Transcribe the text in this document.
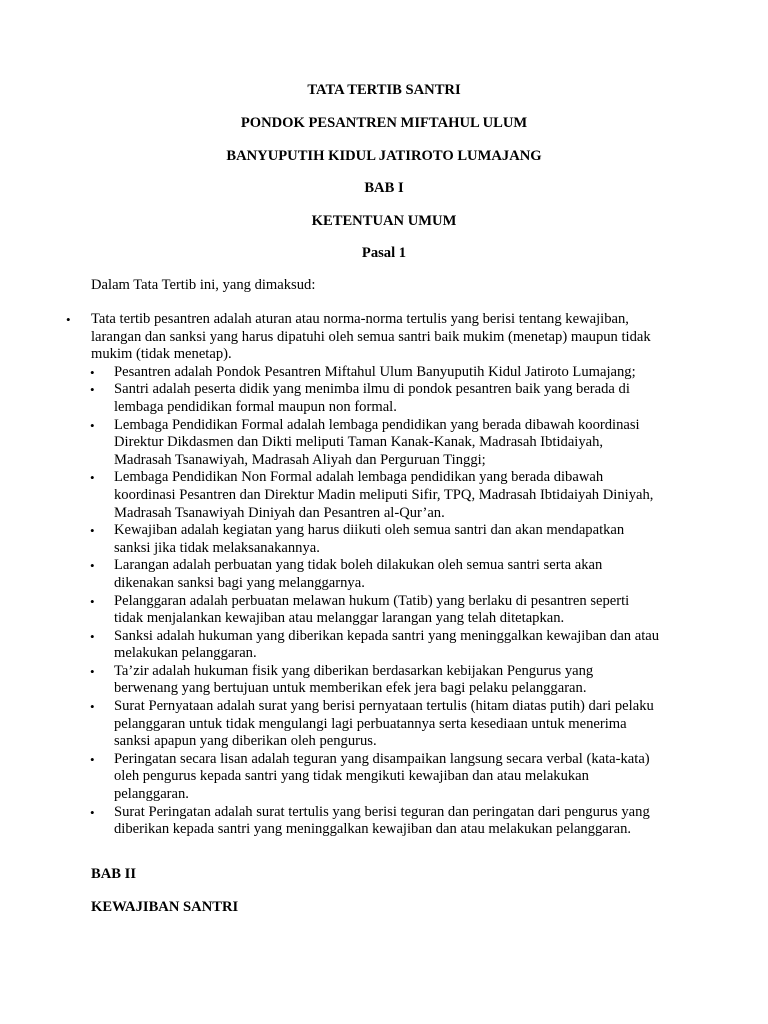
TATA TERTIB SANTRI
PONDOK PESANTREN MIFTAHUL ULUM
BANYUPUTIH KIDUL JATIROTO LUMAJANG
BAB I
KETENTUAN UMUM
Pasal 1
Dalam Tata Tertib ini, yang dimaksud:
• Tata tertib pesantren adalah aturan atau norma-norma tertulis yang berisi tentang kewajiban,
larangan dan sanksi yang harus dipatuhi oleh semua santri baik mukim (menetap) maupun tidak
mukim (tidak menetap).
• Pesantren adalah Pondok Pesantren Miftahul Ulum Banyuputih Kidul Jatiroto Lumajang;
• Santri adalah peserta didik yang menimba ilmu di pondok pesantren baik yang berada di
lembaga pendidikan formal maupun non formal.
• Lembaga Pendidikan Formal adalah lembaga pendidikan yang berada dibawah koordinasi
Direktur Dikdasmen dan Dikti meliputi Taman Kanak-Kanak, Madrasah Ibtidaiyah,
Madrasah Tsanawiyah, Madrasah Aliyah dan Perguruan Tinggi;
• Lembaga Pendidikan Non Formal adalah lembaga pendidikan yang berada dibawah
koordinasi Pesantren dan Direktur Madin meliputi Sifir, TPQ, Madrasah Ibtidaiyah Diniyah,
Madrasah Tsanawiyah Diniyah dan Pesantren al-Qur’an.
• Kewajiban adalah kegiatan yang harus diikuti oleh semua santri dan akan mendapatkan
sanksi jika tidak melaksanakannya.
• Larangan adalah perbuatan yang tidak boleh dilakukan oleh semua santri serta akan
dikenakan sanksi bagi yang melanggarnya.
• Pelanggaran adalah perbuatan melawan hukum (Tatib) yang berlaku di pesantren seperti
tidak menjalankan kewajiban atau melanggar larangan yang telah ditetapkan.
• Sanksi adalah hukuman yang diberikan kepada santri yang meninggalkan kewajiban dan atau
melakukan pelanggaran.
• Ta’zir adalah hukuman fisik yang diberikan berdasarkan kebijakan Pengurus yang
berwenang yang bertujuan untuk memberikan efek jera bagi pelaku pelanggaran.
• Surat Pernyataan adalah surat yang berisi pernyataan tertulis (hitam diatas putih) dari pelaku
pelanggaran untuk tidak mengulangi lagi perbuatannya serta kesediaan untuk menerima
sanksi apapun yang diberikan oleh pengurus.
• Peringatan secara lisan adalah teguran yang disampaikan langsung secara verbal (kata-kata)
oleh pengurus kepada santri yang tidak mengikuti kewajiban dan atau melakukan
pelanggaran.
• Surat Peringatan adalah surat tertulis yang berisi teguran dan peringatan dari pengurus yang
diberikan kepada santri yang meninggalkan kewajiban dan atau melakukan pelanggaran.
BAB II
KEWAJIBAN SANTRI
